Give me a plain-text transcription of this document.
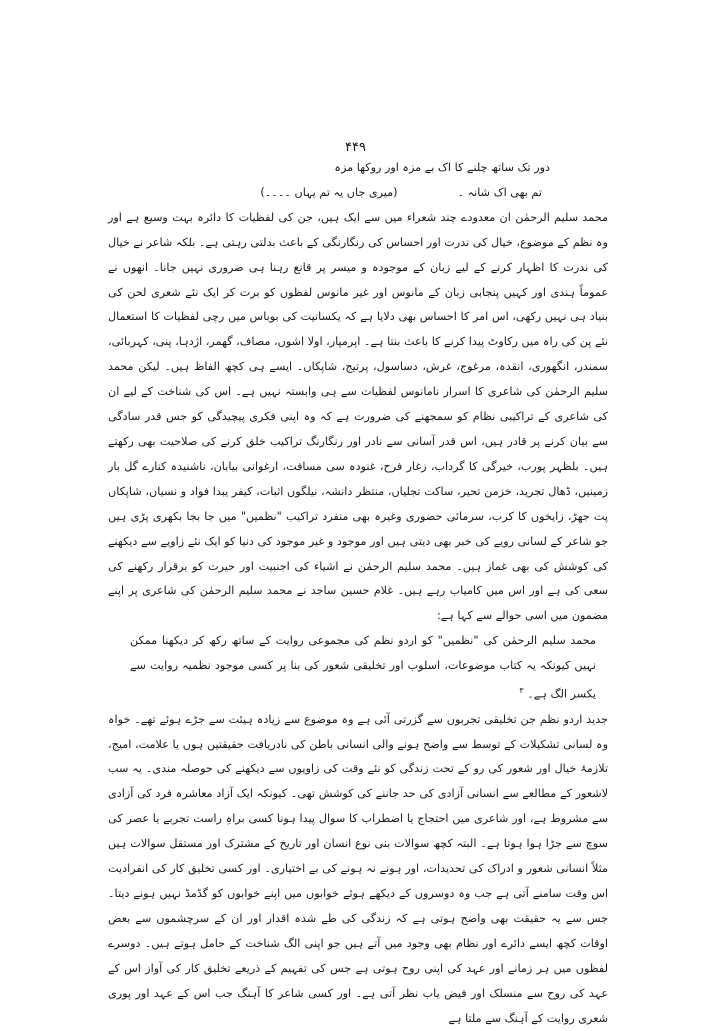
۴۴۹

دور تک ساتھ چلنے کا اک بے مزہ اور روکھا مزہ

تم بھی اک شانہ ۔(میری جاں یہ تم یہاں ۔۔۔۔)

محمد سلیم الرحمٰن ان معدودے چند شعراء میں سے ایک ہیں، جن کی لفظیات کا دائرہ بہت وسیع ہے اور وہ نظم کے موضوع، خیال کی ندرت اور احساس کی رنگارنگی کے باعث بدلتی رہتی ہے۔ بلکہ شاعر نے خیال کی ندرت کا اظہار کرنے کے لیے زبان کے موجودہ و میسر پر قانع رہنا ہی ضروری نہیں جانا۔ انھوں نے عموماً ہندی اور کہیں پنجابی زبان کے مانوس اور غیر مانوس لفظوں کو برت کر ایک نئے شعری لحن کی بنیاد ہی نہیں رکھی، اس امر کا احساس بھی دلایا ہے کہ یکسانیت کی بوباس میں رچی لفظیات کا استعمال نئے پن کی راہ میں رکاوٹ پیدا کرنے کا باعث بنتا ہے۔ اپرمپار، اولا اشوں، مصاف، گھمر، اژدہا، پنی، کہربائی، سمندر، انگھوری، انقدہ، مرغوج، غرش، دساسول، پرتیج، شاپکاں۔ ایسے ہی کچھ الفاظ ہیں۔ لیکن محمد سلیم الرحمٰن کی شاعری کا اسرار نامانوس لفظیات سے ہی وابستہ نہیں ہے۔ اس کی شناخت کے لیے ان کی شاعری کے تراکیبی نظام کو سمجھنے کی ضرورت ہے کہ وہ اپنی فکری پیچیدگی کو جس قدر سادگی سے بیان کرنے پر قادر ہیں، اس قدر آسانی سے نادر اور رنگارنگ تراکیب خلق کرنے کی صلاحیت بھی رکھتے ہیں۔ بلظہر پورب، خیرگی کا گرداب، زغار فرح، غنودہ سی مسافت، ارغوانی بیابان، ناشنیدہ کنارے گل بار زمینیں، ڈھال تجرید، خزمن تحیر، ساکت تجلیاں، منتظر دانشہ، نیلگوں اثبات، کیفر یبدا فواد و نسیاں، شاپکاں پت جھڑ، زایخوں کا کرب، سرمائی حضوری وغیرہ بھی منفرد تراکیب "نظمیں" میں جا بجا بکھری پڑی ہیں جو شاعر کے لسانی رویے کی خبر بھی دیتی ہیں اور موجود و غیر موجود کی دنیا کو ایک نئے زاویے سے دیکھنے کی کوشش کی بھی غماز ہیں۔ محمد سلیم الرحمٰن نے اشیاء کی اجنبیت اور حیرت کو برقرار رکھنے کی سعی کی ہے اور اس میں کامیاب رہے ہیں۔ غلام حسین ساجد نے محمد سلیم الرحمٰن کی شاعری پر اپنے مضمون میں اسی حوالے سے کہا ہے:

محمد سلیم الرحمٰن کی "نظمیں" کو اردو نظم کی مجموعی روایت کے ساتھ رکھ کر دیکھنا ممکن نہیں کیونکہ یہ کتاب موضوعات، اسلوب اور تخلیقی شعور کی بنا پر کسی موجود نظمیہ روایت سے یکسر الگ ہے۔ $^۳$

جدید اردو نظم جن تخلیقی تجربوں سے گزرتی آئی ہے وہ موضوع سے زیادہ ہیئت سے جڑے ہوئے تھے۔ خواہ وہ لسانی تشکیلات کے توسط سے واضح ہونے والی انسانی باطن کی نادریافت حقیقتیں ہوں یا علامت، امیج، تلازمۂ خیال اور شعور کی رو کے تحت زندگی کو نئے وقت کی زاویوں سے دیکھنے کی حوصلہ مندی۔ یہ سب لاشعور کے مطالعے سے انسانی آزادی کی حد جاننے کی کوشش تھی۔ کیونکہ ایک آزاد معاشرہ فرد کی آزادی سے مشروط ہے، اور شاعری میں احتجاج یا اضطراب کا سوال پیدا ہونا کسی براہِ راست تجربے یا عصر کی سوچ سے جڑا ہوا ہوتا ہے۔ البتہ کچھ سوالات بنی نوع انسان اور تاریخ کے مشترک اور مستقل سوالات ہیں مثلاً انسانی شعور و ادراک کی تحدیدات، اور ہونے نہ ہونے کی بے اختیاری۔ اور کسی تخلیق کار کی انفرادیت اس وقت سامنے آتی ہے جب وہ دوسروں کے دیکھے ہوئے خوابوں میں اپنے خوابوں کو گڈمڈ نہیں ہونے دیتا۔ جس سے یہ حقیقت بھی واضح ہوتی ہے کہ زندگی کی طے شدہ اقدار اور ان کے سرچشموں سے بعض اوقات کچھ ایسے دائرے اور نظام بھی وجود میں آتے ہیں جو اپنی الگ شناخت کے حامل ہوتے ہیں۔ دوسرے لفظوں میں ہر زمانے اور عہد کی اپنی روح ہوتی ہے جس کی تفہیم کے ذریعے تخلیق کار کی آواز اس کے عہد کی روح سے منسلک اور فیض یاب نظر آتی ہے۔ اور کسی شاعر کا آہنگ جب اس کے عہد اور پوری شعری روایت کے آہنگ سے ملتا ہے
